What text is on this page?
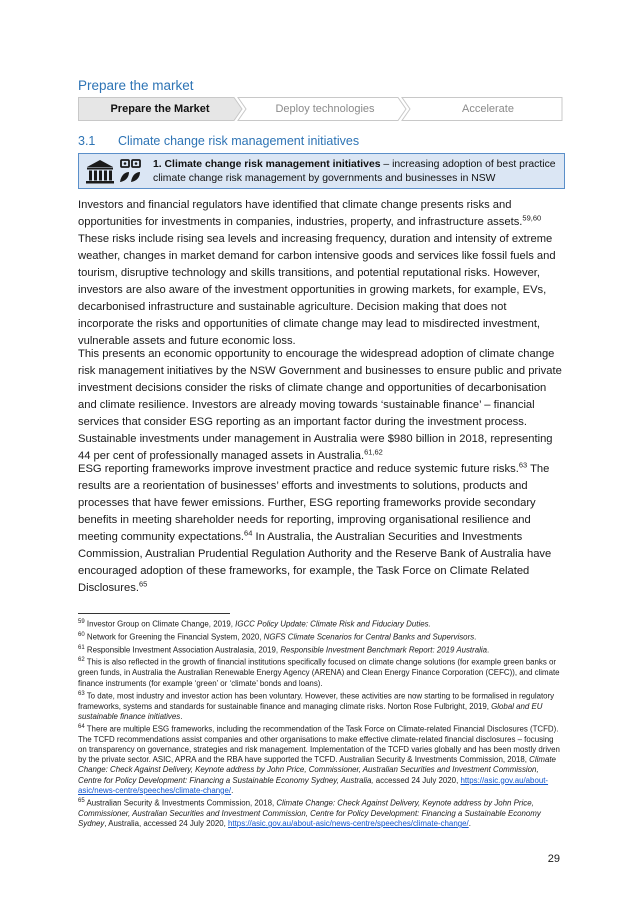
Prepare the market
Prepare the Market	Deploy technologies	Accelerate
3.1 Climate change risk management initiatives
1. Climate change risk management initiatives – increasing adoption of best practice climate change risk management by governments and businesses in NSW
Investors and financial regulators have identified that climate change presents risks and opportunities for investments in companies, industries, property, and infrastructure assets.$^{59,60}$ These risks include rising sea levels and increasing frequency, duration and intensity of extreme weather, changes in market demand for carbon intensive goods and services like fossil fuels and tourism, disruptive technology and skills transitions, and potential reputational risks. However, investors are also aware of the investment opportunities in growing markets, for example, EVs, decarbonised infrastructure and sustainable agriculture. Decision making that does not incorporate the risks and opportunities of climate change may lead to misdirected investment, vulnerable assets and future economic loss.
This presents an economic opportunity to encourage the widespread adoption of climate change risk management initiatives by the NSW Government and businesses to ensure public and private investment decisions consider the risks of climate change and opportunities of decarbonisation and climate resilience. Investors are already moving towards ‘sustainable finance’ – financial services that consider ESG reporting as an important factor during the investment process. Sustainable investments under management in Australia were $980 billion in 2018, representing 44 per cent of professionally managed assets in Australia.$^{61,62}$
ESG reporting frameworks improve investment practice and reduce systemic future risks.$^{63}$ The results are a reorientation of businesses’ efforts and investments to solutions, products and processes that have fewer emissions. Further, ESG reporting frameworks provide secondary benefits in meeting shareholder needs for reporting, improving organisational resilience and meeting community expectations.$^{64}$ In Australia, the Australian Securities and Investments Commission, Australian Prudential Regulation Authority and the Reserve Bank of Australia have encouraged adoption of these frameworks, for example, the Task Force on Climate Related Disclosures.$^{65}$

$^{59}$ Investor Group on Climate Change, 2019, IGCC Policy Update: Climate Risk and Fiduciary Duties.

$^{60}$ Network for Greening the Financial System, 2020, NGFS Climate Scenarios for Central Banks and Supervisors.

$^{61}$ Responsible Investment Association Australasia, 2019, Responsible Investment Benchmark Report: 2019 Australia.

$^{62}$ This is also reflected in the growth of financial institutions specifically focused on climate change solutions (for example green banks or green funds, in Australia the Australian Renewable Energy Agency (ARENA) and Clean Energy Finance Corporation (CEFC)), and climate finance instruments (for example ‘green’ or ‘climate’ bonds and loans).

$^{63}$ To date, most industry and investor action has been voluntary. However, these activities are now starting to be formalised in regulatory frameworks, systems and standards for sustainable finance and managing climate risks. Norton Rose Fulbright, 2019, Global and EU sustainable finance initiatives.

$^{64}$ There are multiple ESG frameworks, including the recommendation of the Task Force on Climate-related Financial Disclosures (TCFD). The TCFD recommendations assist companies and other organisations to make effective climate-related financial disclosures – focusing on transparency on governance, strategies and risk management. Implementation of the TCFD varies globally and has been mostly driven by the private sector. ASIC, APRA and the RBA have supported the TCFD. Australian Security & Investments Commission, 2018, Climate Change: Check Against Delivery, Keynote address by John Price, Commissioner, Australian Securities and Investment Commission, Centre for Policy Development: Financing a Sustainable Economy Sydney, Australia, accessed 24 July 2020, https://asic.gov.au/about-asic/news-centre/speeches/climate-change/.

$^{65}$ Australian Security & Investments Commission, 2018, Climate Change: Check Against Delivery, Keynote address by John Price, Commissioner, Australian Securities and Investment Commission, Centre for Policy Development: Financing a Sustainable Economy Sydney, Australia, accessed 24 July 2020, https://asic.gov.au/about-asic/news-centre/speeches/climate-change/.

29
